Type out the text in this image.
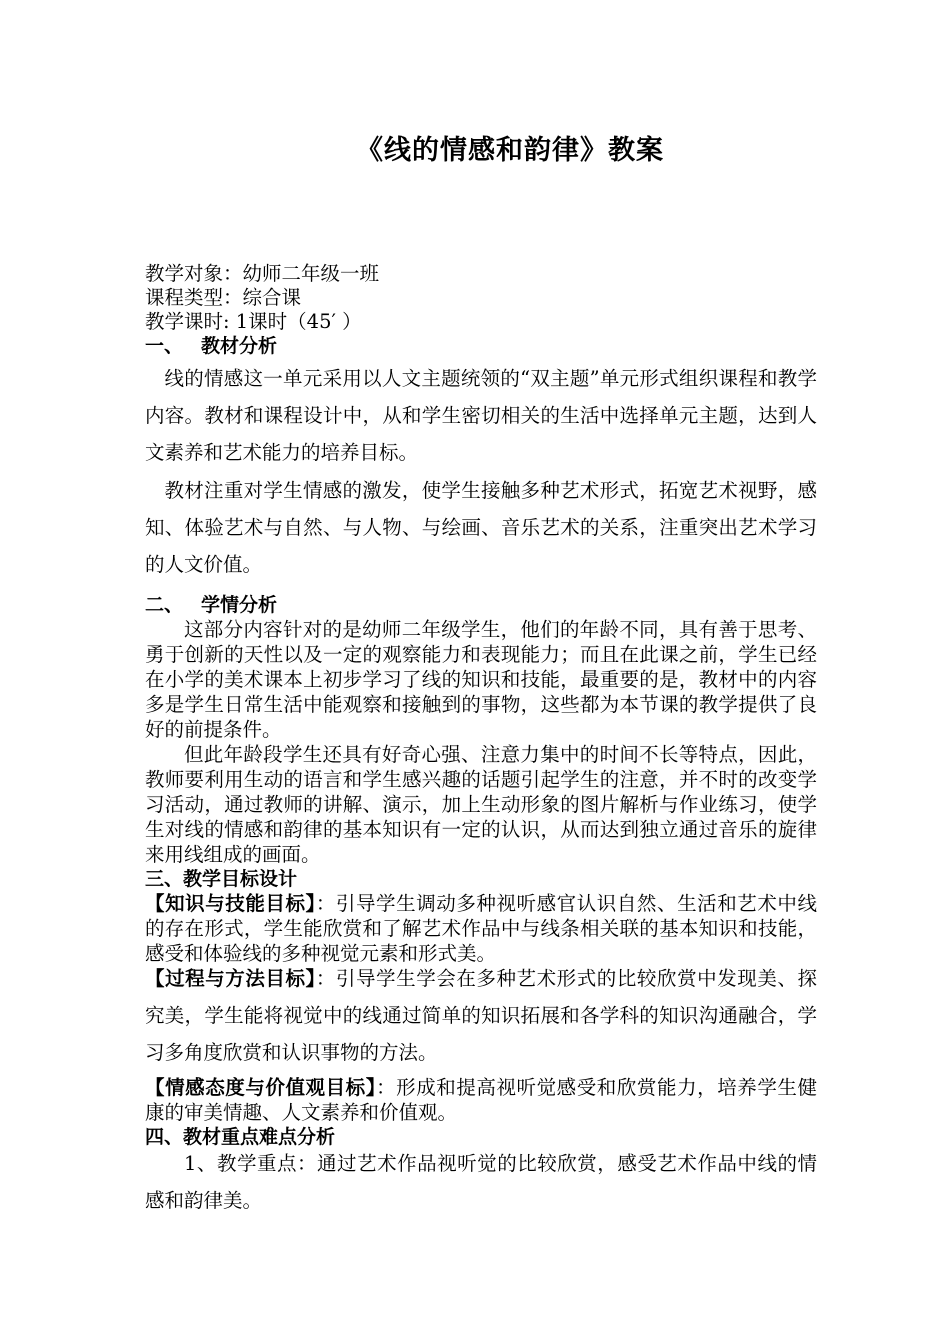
《线的情感和韵律》教案

教学对象：幼师二年级一班

课程类型：综合课

教学课时: 1课时（45′ ）

一、 教材分析

线的情感这一单元采用以人文主题统领的“双主题”单元形式组织课程和教学内容。教材和课程设计中，从和学生密切相关的生活中选择单元主题，达到人文素养和艺术能力的培养目标。

教材注重对学生情感的激发，使学生接触多种艺术形式，拓宽艺术视野，感知、体验艺术与自然、与人物、与绘画、音乐艺术的关系，注重突出艺术学习的人文价值。

二、 学情分析

这部分内容针对的是幼师二年级学生，他们的年龄不同，具有善于思考、勇于创新的天性以及一定的观察能力和表现能力；而且在此课之前，学生已经在小学的美术课本上初步学习了线的知识和技能，最重要的是，教材中的内容多是学生日常生活中能观察和接触到的事物，这些都为本节课的教学提供了良好的前提条件。

但此年龄段学生还具有好奇心强、注意力集中的时间不长等特点，因此，教师要利用生动的语言和学生感兴趣的话题引起学生的注意，并不时的改变学习活动，通过教师的讲解、演示，加上生动形象的图片解析与作业练习，使学生对线的情感和韵律的基本知识有一定的认识，从而达到独立通过音乐的旋律来用线组成的画面。

三、教学目标设计

【知识与技能目标】：引导学生调动多种视听感官认识自然、生活和艺术中线的存在形式，学生能欣赏和了解艺术作品中与线条相关联的基本知识和技能，感受和体验线的多种视觉元素和形式美。

【过程与方法目标】：引导学生学会在多种艺术形式的比较欣赏中发现美、探究美，学生能将视觉中的线通过简单的知识拓展和各学科的知识沟通融合，学习多角度欣赏和认识事物的方法。

【情感态度与价值观目标】：形成和提高视听觉感受和欣赏能力，培养学生健康的审美情趣、人文素养和价值观。

四、教材重点难点分析

1、教学重点：通过艺术作品视听觉的比较欣赏，感受艺术作品中线的情感和韵律美。
